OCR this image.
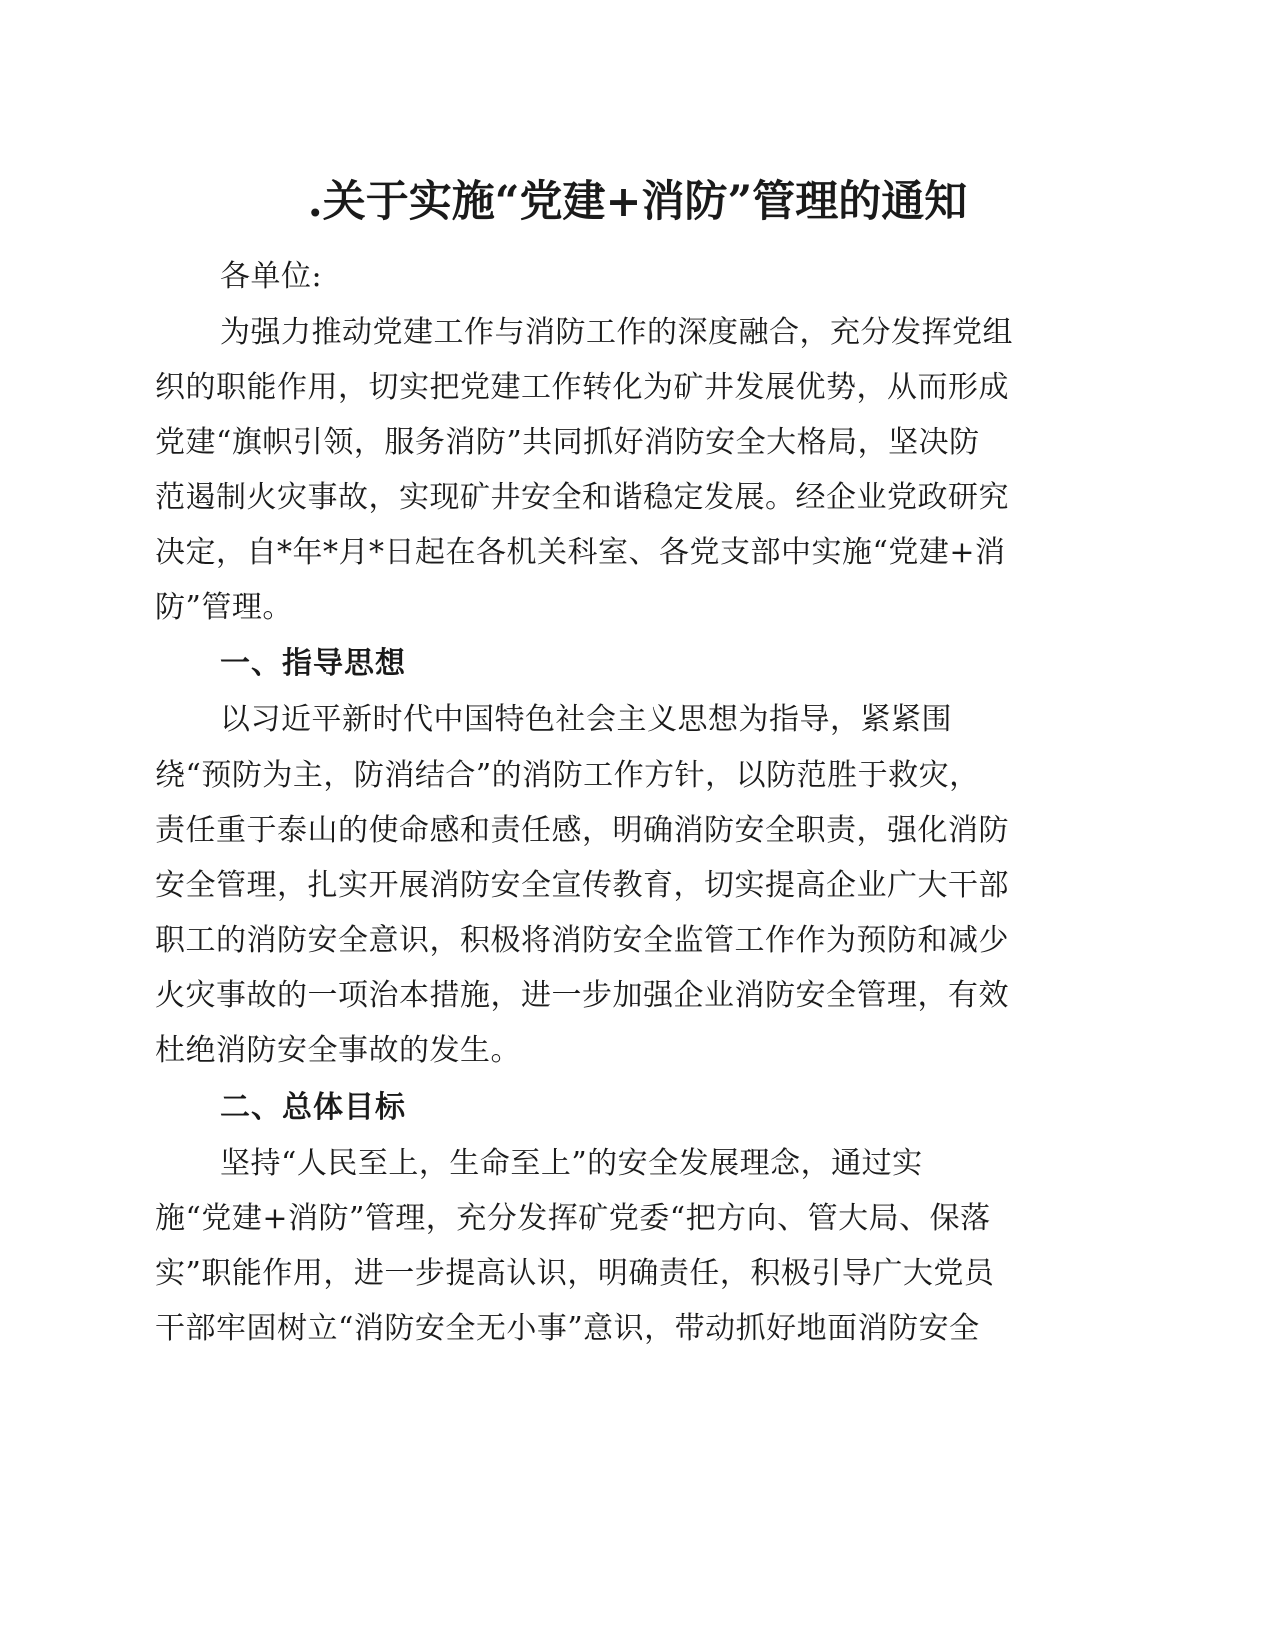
.关于实施“党建+消防”管理的通知
各单位:
为强力推动党建工作与消防工作的深度融合，充分发挥党组
织的职能作用，切实把党建工作转化为矿井发展优势，从而形成
党建“旗帜引领，服务消防”共同抓好消防安全大格局，坚决防
范遏制火灾事故，实现矿井安全和谐稳定发展。经企业党政研究
决定，自*年*月*日起在各机关科室、各党支部中实施“党建+消
防”管理。
一、指导思想
以习近平新时代中国特色社会主义思想为指导，紧紧围
绕“预防为主，防消结合”的消防工作方针，以防范胜于救灾，
责任重于泰山的使命感和责任感，明确消防安全职责，强化消防
安全管理，扎实开展消防安全宣传教育，切实提高企业广大干部
职工的消防安全意识，积极将消防安全监管工作作为预防和减少
火灾事故的一项治本措施，进一步加强企业消防安全管理，有效
杜绝消防安全事故的发生。
二、总体目标
坚持“人民至上，生命至上”的安全发展理念，通过实
施“党建+消防”管理，充分发挥矿党委“把方向、管大局、保落
实”职能作用，进一步提高认识，明确责任，积极引导广大党员
干部牢固树立“消防安全无小事”意识，带动抓好地面消防安全
